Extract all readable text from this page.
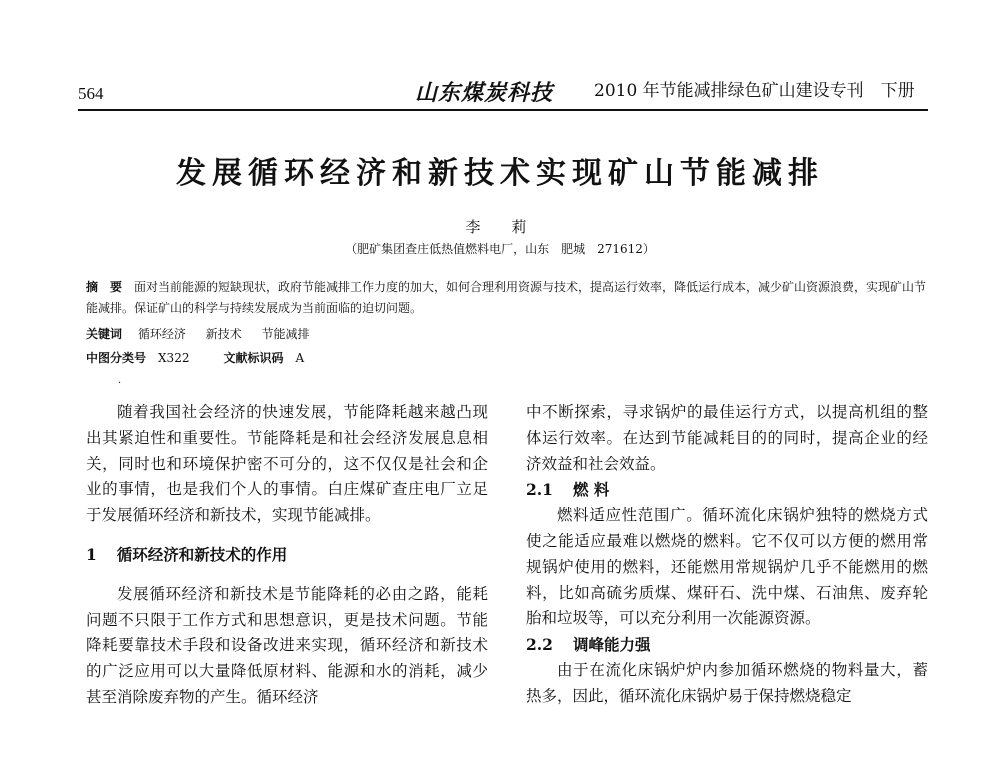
564	山东煤炭科技 2010 年节能减排绿色矿山建设专刊　下册
发展循环经济和新技术实现矿山节能减排
李　莉
（肥矿集团查庄低热值燃料电厂，山东　肥城　271612）
摘　要 面对当前能源的短缺现状，政府节能减排工作力度的加大，如何合理利用资源与技术，提高运行效率，降低运行成本，减少矿山资源浪费，实现矿山节能减排。保证矿山的科学与持续发展成为当前面临的迫切问题。
关键词 循环经济 新技术 节能减排
中图分类号 X322	文献标识码 A
·

随着我国社会经济的快速发展，节能降耗越来越凸现出其紧迫性和重要性。节能降耗是和社会经济发展息息相关，同时也和环境保护密不可分的，这不仅仅是社会和企业的事情，也是我们个人的事情。白庄煤矿查庄电厂立足于发展循环经济和新技术，实现节能减排。

1 循环经济和新技术的作用

发展循环经济和新技术是节能降耗的必由之路，能耗问题不只限于工作方式和思想意识，更是技术问题。节能降耗要靠技术手段和设备改进来实现，循环经济和新技术的广泛应用可以大量降低原材料、能源和水的消耗，减少甚至消除废弃物的产生。循环经济

中不断探索，寻求锅炉的最佳运行方式，以提高机组的整体运行效率。在达到节能减耗目的的同时，提高企业的经济效益和社会效益。

2.1 燃 料

燃料适应性范围广。循环流化床锅炉独特的燃烧方式使之能适应最难以燃烧的燃料。它不仅可以方便的燃用常规锅炉使用的燃料，还能燃用常规锅炉几乎不能燃用的燃料，比如高硫劣质煤、煤矸石、洗中煤、石油焦、废弃轮胎和垃圾等，可以充分利用一次能源资源。

2.2 调峰能力强

由于在流化床锅炉炉内参加循环燃烧的物料量大，蓄热多，因此，循环流化床锅炉易于保持燃烧稳定
